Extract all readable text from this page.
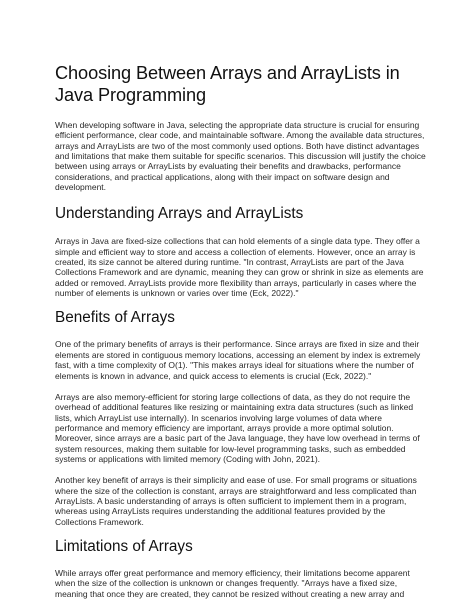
Choosing Between Arrays and ArrayLists in Java Programming

When developing software in Java, selecting the appropriate data structure is crucial for ensuring efficient performance, clear code, and maintainable software. Among the available data structures, arrays and ArrayLists are two of the most commonly used options. Both have distinct advantages and limitations that make them suitable for specific scenarios. This discussion will justify the choice between using arrays or ArrayLists by evaluating their benefits and drawbacks, performance considerations, and practical applications, along with their impact on software design and development.

Understanding Arrays and ArrayLists

Arrays in Java are fixed-size collections that can hold elements of a single data type. They offer a simple and efficient way to store and access a collection of elements. However, once an array is created, its size cannot be altered during runtime. "In contrast, ArrayLists are part of the Java Collections Framework and are dynamic, meaning they can grow or shrink in size as elements are added or removed. ArrayLists provide more flexibility than arrays, particularly in cases where the number of elements is unknown or varies over time (Eck, 2022)."

Benefits of Arrays

One of the primary benefits of arrays is their performance. Since arrays are fixed in size and their elements are stored in contiguous memory locations, accessing an element by index is extremely fast, with a time complexity of O(1). "This makes arrays ideal for situations where the number of elements is known in advance, and quick access to elements is crucial (Eck, 2022)."

Arrays are also memory-efficient for storing large collections of data, as they do not require the overhead of additional features like resizing or maintaining extra data structures (such as linked lists, which ArrayList use internally). In scenarios involving large volumes of data where performance and memory efficiency are important, arrays provide a more optimal solution. Moreover, since arrays are a basic part of the Java language, they have low overhead in terms of system resources, making them suitable for low-level programming tasks, such as embedded systems or applications with limited memory (Coding with John, 2021).

Another key benefit of arrays is their simplicity and ease of use. For small programs or situations where the size of the collection is constant, arrays are straightforward and less complicated than ArrayLists. A basic understanding of arrays is often sufficient to implement them in a program, whereas using ArrayLists requires understanding the additional features provided by the Collections Framework.

Limitations of Arrays

While arrays offer great performance and memory efficiency, their limitations become apparent when the size of the collection is unknown or changes frequently. "Arrays have a fixed size, meaning that once they are created, they cannot be resized without creating a new array and
